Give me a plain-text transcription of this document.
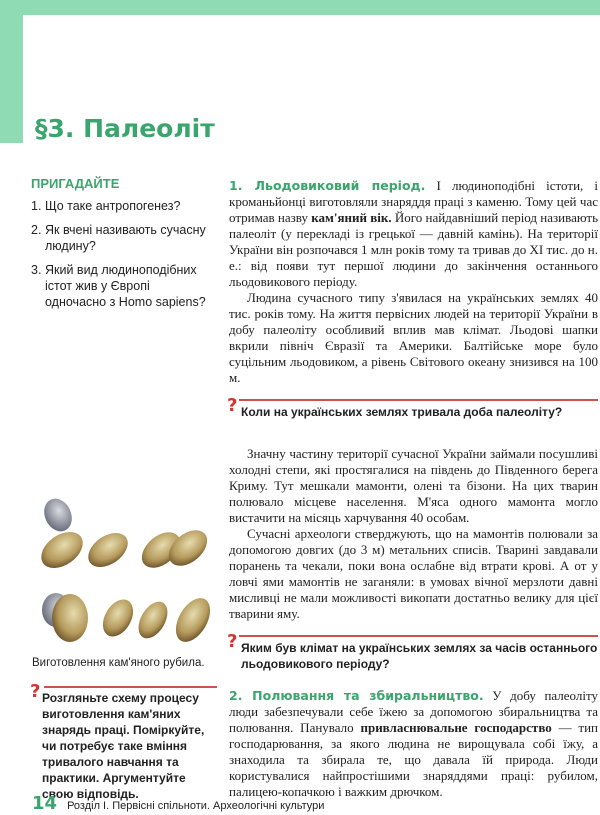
§3. Палеоліт
ПРИГАДАЙТЕ
1. Що таке антропогенез?
2. Як вчені називають сучасну людину?
3. Який вид людиноподібних істот жив у Європі одночасно з Homo sapiens?

1. Льодовиковий період. І людиноподібні істоти, і кроманьйонці виготовляли знаряддя праці з каменю. Тому цей час отримав назву кам'яний вік. Його найдавніший період називають палеоліт (у перекладі із грецької — давній камінь). На території України він розпочався 1 млн років тому та тривав до XI тис. до н. е.: від появи тут першої людини до закінчення останнього льодовикового періоду.

Людина сучасного типу з'явилася на українських землях 40 тис. років тому. На життя первісних людей на території України в добу палеоліту особливий вплив мав клімат. Льодові шапки вкрили північ Євразії та Америки. Балтійське море було суцільним льодовиком, а рівень Світового океану знизився на 100 м.

? Коли на українських землях тривала доба палеоліту?

Значну частину території сучасної України займали посушливі холодні степи, які простягалися на південь до Південного берега Криму. Тут мешкали мамонти, олені та бізони. На цих тварин полювало місцеве населення. М'яса одного мамонта могло вистачити на місяць харчування 40 особам.

Сучасні археологи стверджують, що на мамонтів полювали за допомогою довгих (до 3 м) метальних списів. Тварині завдавали поранень та чекали, поки вона ослабне від втрати крові. А от у ловчі ями мамонтів не заганяли: в умовах вічної мерзлоти давні мисливці не мали можливості викопати достатньо велику для цієї тварини яму.

? Яким був клімат на українських землях за часів останнього льодовикового періоду?

2. Полювання та збиральництво. У добу палеоліту люди забезпечували себе їжею за допомогою збиральництва та полювання. Панувало привласнювальне господарство — тип господарювання, за якого людина не вирощувала собі їжу, а знаходила та збирала те, що давала їй природа. Люди користувалися найпростішими знаряддями праці: рубилом, палицею-копачкою і важким дрючком.

Виготовлення кам'яного рубила.
? Розгляньте схему процесу виготовлення кам'яних знарядь праці. Поміркуйте, чи потребує таке вміння тривалого навчання та практики. Аргументуйте свою відповідь.
14 Розділ І. Первісні спільноти. Археологічні культури
